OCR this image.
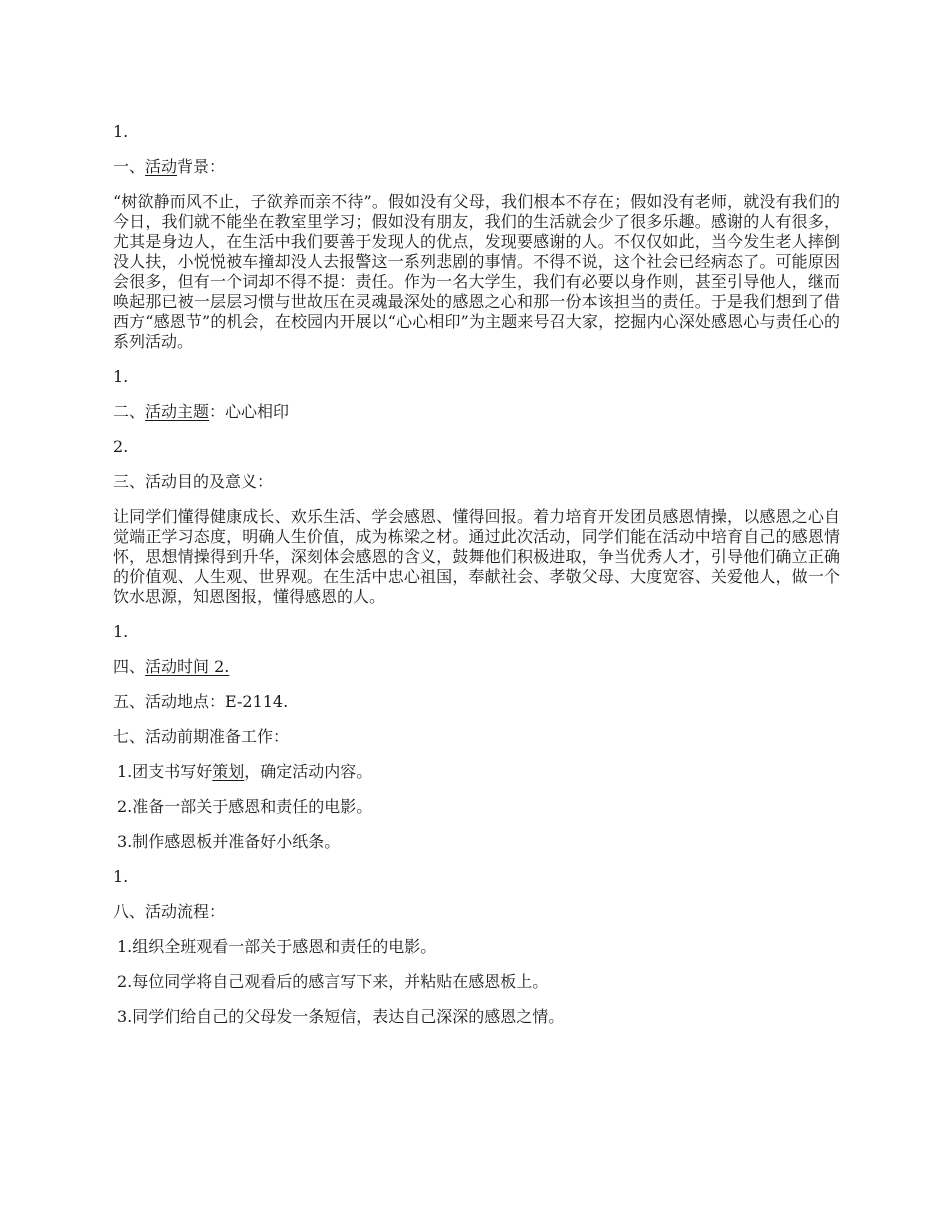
1.

一、活动背景：

“树欲静而风不止，子欲养而亲不待”。假如没有父母，我们根本不存在；假如没有老师，就没有我们的今日，我们就不能坐在教室里学习；假如没有朋友，我们的生活就会少了很多乐趣。感谢的人有很多，尤其是身边人，在生活中我们要善于发现人的优点，发现要感谢的人。不仅仅如此，当今发生老人摔倒没人扶，小悦悦被车撞却没人去报警这一系列悲剧的事情。不得不说，这个社会已经病态了。可能原因会很多，但有一个词却不得不提：责任。作为一名大学生，我们有必要以身作则，甚至引导他人，继而唤起那已被一层层习惯与世故压在灵魂最深处的感恩之心和那一份本该担当的责任。于是我们想到了借西方“感恩节”的机会，在校园内开展以“心心相印”为主题来号召大家，挖掘内心深处感恩心与责任心的系列活动。

1.

二、活动主题：心心相印

2.

三、活动目的及意义：

让同学们懂得健康成长、欢乐生活、学会感恩、懂得回报。着力培育开发团员感恩情操，以感恩之心自觉端正学习态度，明确人生价值，成为栋梁之材。通过此次活动，同学们能在活动中培育自己的感恩情怀，思想情操得到升华，深刻体会感恩的含义，鼓舞他们积极进取，争当优秀人才，引导他们确立正确的价值观、人生观、世界观。在生活中忠心祖国，奉献社会、孝敬父母、大度宽容、关爱他人，做一个饮水思源，知恩图报，懂得感恩的人。

1.

四、活动时间 2.

五、活动地点：E-2114.

七、活动前期准备工作：

1.团支书写好策划，确定活动内容。

2.准备一部关于感恩和责任的电影。

3.制作感恩板并准备好小纸条。

1.

八、活动流程：

1.组织全班观看一部关于感恩和责任的电影。

2.每位同学将自己观看后的感言写下来，并粘贴在感恩板上。

3.同学们给自己的父母发一条短信，表达自己深深的感恩之情。
